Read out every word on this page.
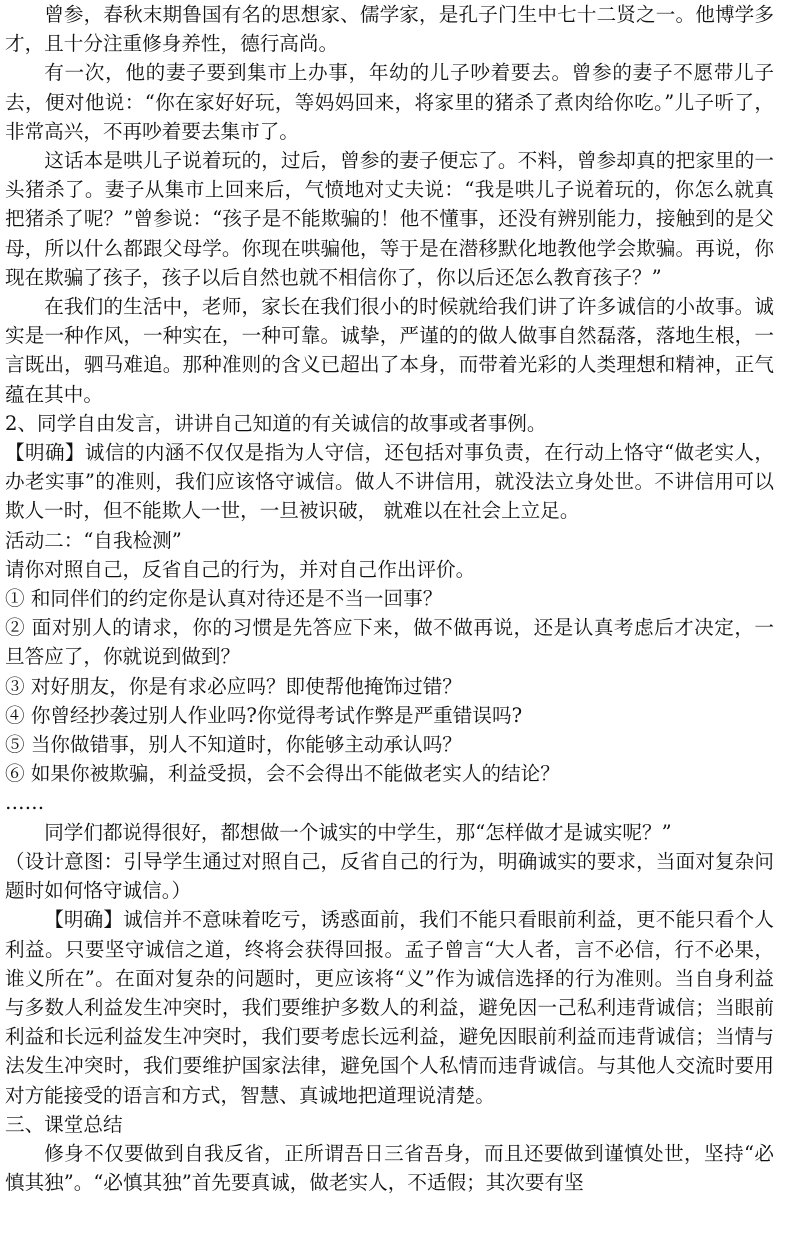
曾参，春秋末期鲁国有名的思想家、儒学家，是孔子门生中七十二贤之一。他博学多才，且十分注重修身养性，德行高尚。

有一次，他的妻子要到集市上办事，年幼的儿子吵着要去。曾参的妻子不愿带儿子去，便对他说：“你在家好好玩，等妈妈回来，将家里的猪杀了煮肉给你吃。”儿子听了，非常高兴，不再吵着要去集市了。

这话本是哄儿子说着玩的，过后，曾参的妻子便忘了。不料，曾参却真的把家里的一头猪杀了。妻子从集市上回来后，气愤地对丈夫说：“我是哄儿子说着玩的，你怎么就真把猪杀了呢？”曾参说：“孩子是不能欺骗的！他不懂事，还没有辨别能力，接触到的是父母，所以什么都跟父母学。你现在哄骗他，等于是在潜移默化地教他学会欺骗。再说，你现在欺骗了孩子，孩子以后自然也就不相信你了，你以后还怎么教育孩子？”

在我们的生活中，老师，家长在我们很小的时候就给我们讲了许多诚信的小故事。诚实是一种作风，一种实在，一种可靠。诚挚，严谨的的做人做事自然磊落，落地生根，一言既出，驷马难追。那种准则的含义已超出了本身，而带着光彩的人类理想和精神，正气蕴在其中。

2、同学自由发言，讲讲自己知道的有关诚信的故事或者事例。

【明确】诚信的内涵不仅仅是指为人守信，还包括对事负责，在行动上恪守“做老实人，办老实事”的准则，我们应该恪守诚信。做人不讲信用，就没法立身处世。不讲信用可以欺人一时，但不能欺人一世，一旦被识破， 就难以在社会上立足。

活动二：“自我检测”

请你对照自己，反省自己的行为，并对自己作出评价。

① 和同伴们的约定你是认真对待还是不当一回事？

② 面对别人的请求，你的习惯是先答应下来，做不做再说，还是认真考虑后才决定，一旦答应了，你就说到做到？

③ 对好朋友，你是有求必应吗？即使帮他掩饰过错？

④ 你曾经抄袭过别人作业吗?你觉得考试作弊是严重错误吗?

⑤ 当你做错事，别人不知道时，你能够主动承认吗？

⑥ 如果你被欺骗，利益受损，会不会得出不能做老实人的结论？

……

同学们都说得很好，都想做一个诚实的中学生，那“怎样做才是诚实呢？”

（设计意图：引导学生通过对照自己，反省自己的行为，明确诚实的要求，当面对复杂问题时如何恪守诚信。）

【明确】诚信并不意味着吃亏，诱惑面前，我们不能只看眼前利益，更不能只看个人利益。只要坚守诚信之道，终将会获得回报。孟子曾言“大人者，言不必信，行不必果，谁义所在”。在面对复杂的问题时，更应该将“义”作为诚信选择的行为准则。当自身利益与多数人利益发生冲突时，我们要维护多数人的利益，避免因一己私利违背诚信；当眼前利益和长远利益发生冲突时，我们要考虑长远利益，避免因眼前利益而违背诚信；当情与法发生冲突时，我们要维护国家法律，避免国个人私情而违背诚信。与其他人交流时要用对方能接受的语言和方式，智慧、真诚地把道理说清楚。

三、课堂总结

修身不仅要做到自我反省，正所谓吾日三省吾身，而且还要做到谨慎处世，坚持“必慎其独”。“必慎其独”首先要真诚，做老实人，不适假；其次要有坚
